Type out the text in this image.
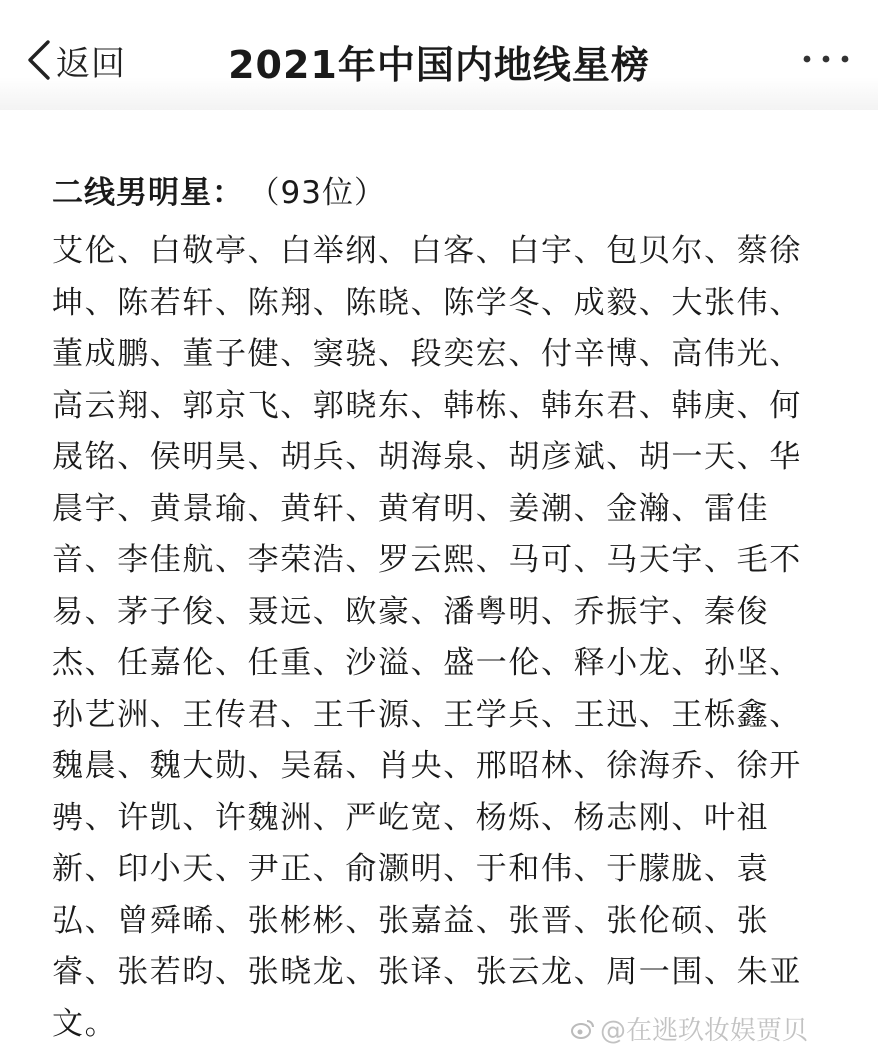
返回	2021年中国内地线星榜
二线男明星： （93位）
艾伦、白敬亭、白举纲、白客、白宇、包贝尔、蔡徐坤、陈若轩、陈翔、陈晓、陈学冬、成毅、大张伟、董成鹏、董子健、窦骁、段奕宏、付辛博、高伟光、高云翔、郭京飞、郭晓东、韩栋、韩东君、韩庚、何晟铭、侯明昊、胡兵、胡海泉、胡彦斌、胡一天、华晨宇、黄景瑜、黄轩、黄宥明、姜潮、金瀚、雷佳音、李佳航、李荣浩、罗云熙、马可、马天宇、毛不易、茅子俊、聂远、欧豪、潘粤明、乔振宇、秦俊杰、任嘉伦、任重、沙溢、盛一伦、释小龙、孙坚、孙艺洲、王传君、王千源、王学兵、王迅、王栎鑫、魏晨、魏大勋、吴磊、肖央、邢昭林、徐海乔、徐开骋、许凯、许魏洲、严屹宽、杨烁、杨志刚、叶祖新、印小天、尹正、俞灏明、于和伟、于朦胧、袁弘、曾舜晞、张彬彬、张嘉益、张晋、张伦硕、张睿、张若昀、张晓龙、张译、张云龙、周一围、朱亚文。	@在逃玖妆娱贾贝
